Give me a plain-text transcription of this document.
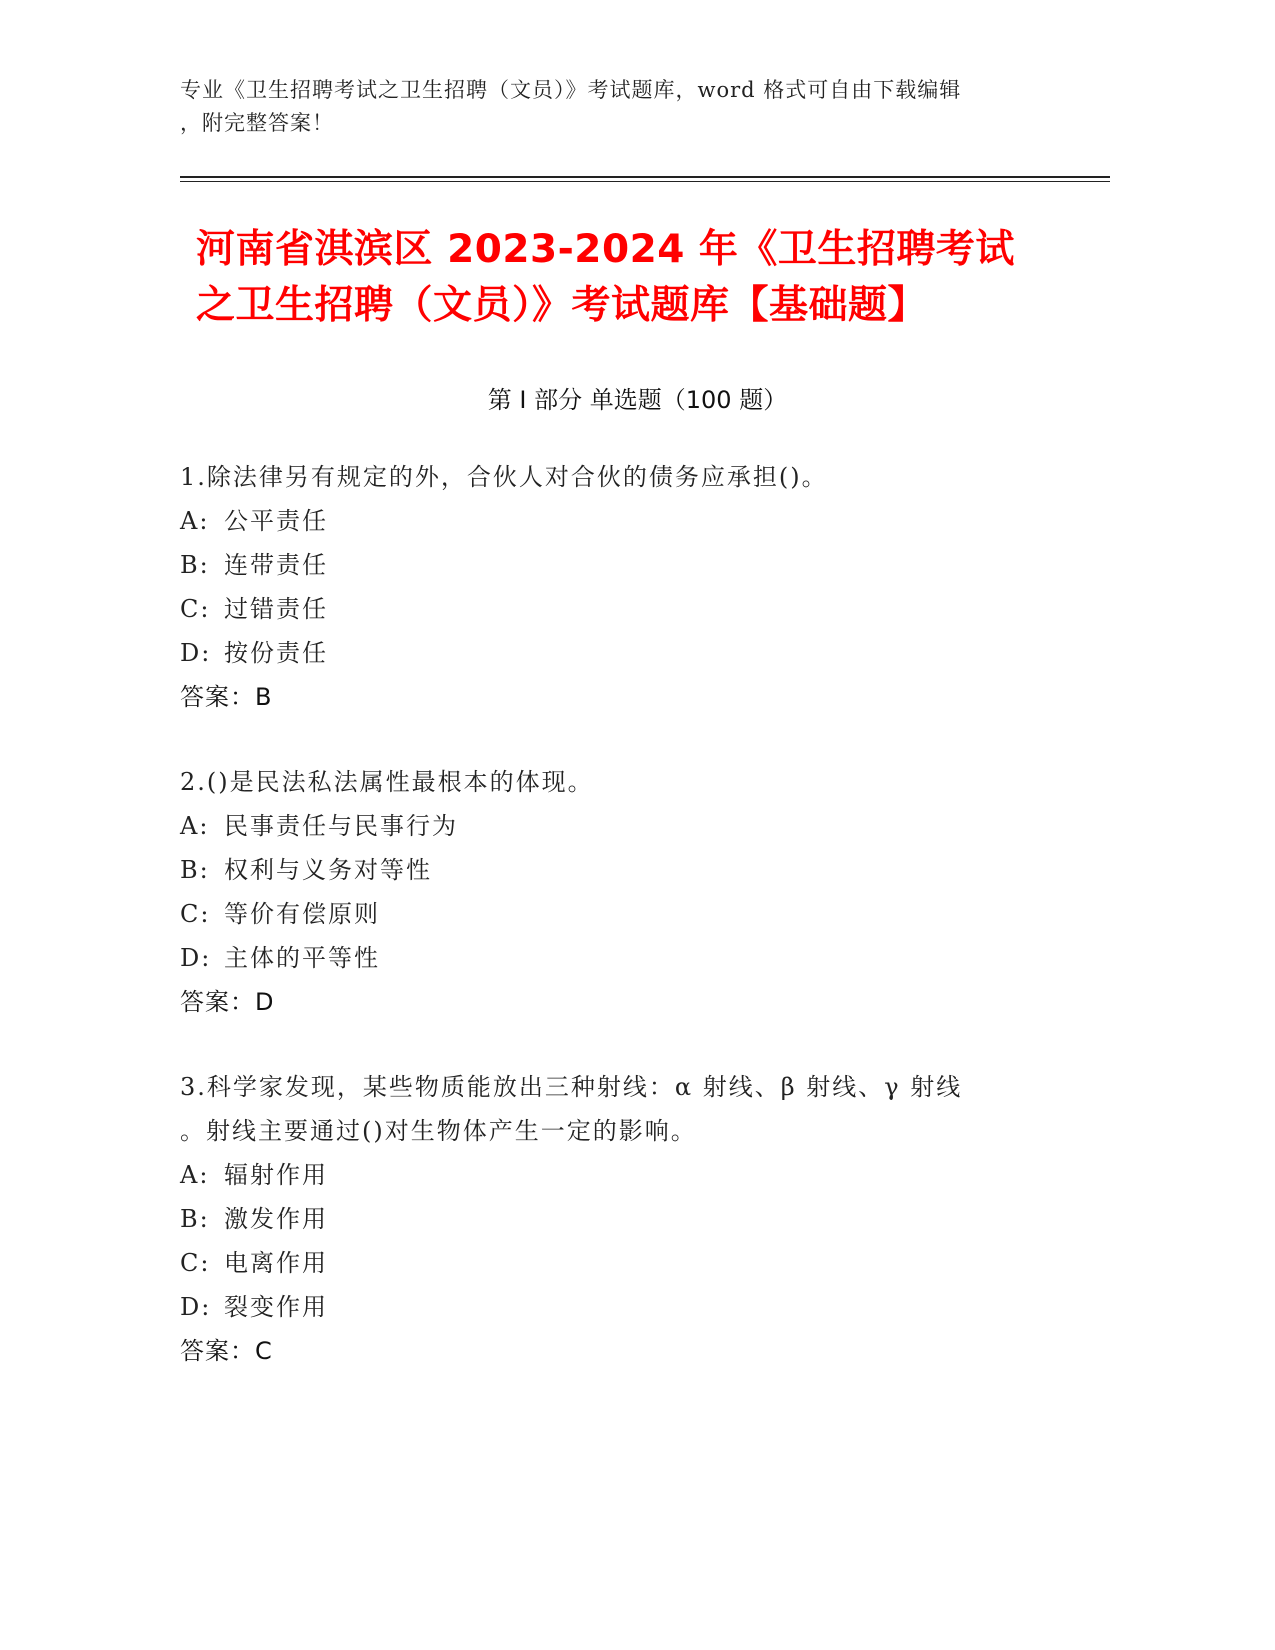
专业《卫生招聘考试之卫生招聘（文员）》考试题库，word 格式可自由下载编辑
，附完整答案！
河南省淇滨区 2023-2024 年《卫生招聘考试
之卫生招聘（文员）》考试题库【基础题】
第 I 部分 单选题（100 题）
1.除法律另有规定的外，合伙人对合伙的债务应承担()。
A: 公平责任
B: 连带责任
C: 过错责任
D: 按份责任
答案：B
2.()是民法私法属性最根本的体现。
A: 民事责任与民事行为
B: 权利与义务对等性
C: 等价有偿原则
D: 主体的平等性
答案：D
3.科学家发现，某些物质能放出三种射线：α 射线、β 射线、γ 射线
。射线主要通过()对生物体产生一定的影响。
A: 辐射作用
B: 激发作用
C: 电离作用
D: 裂变作用
答案：C
